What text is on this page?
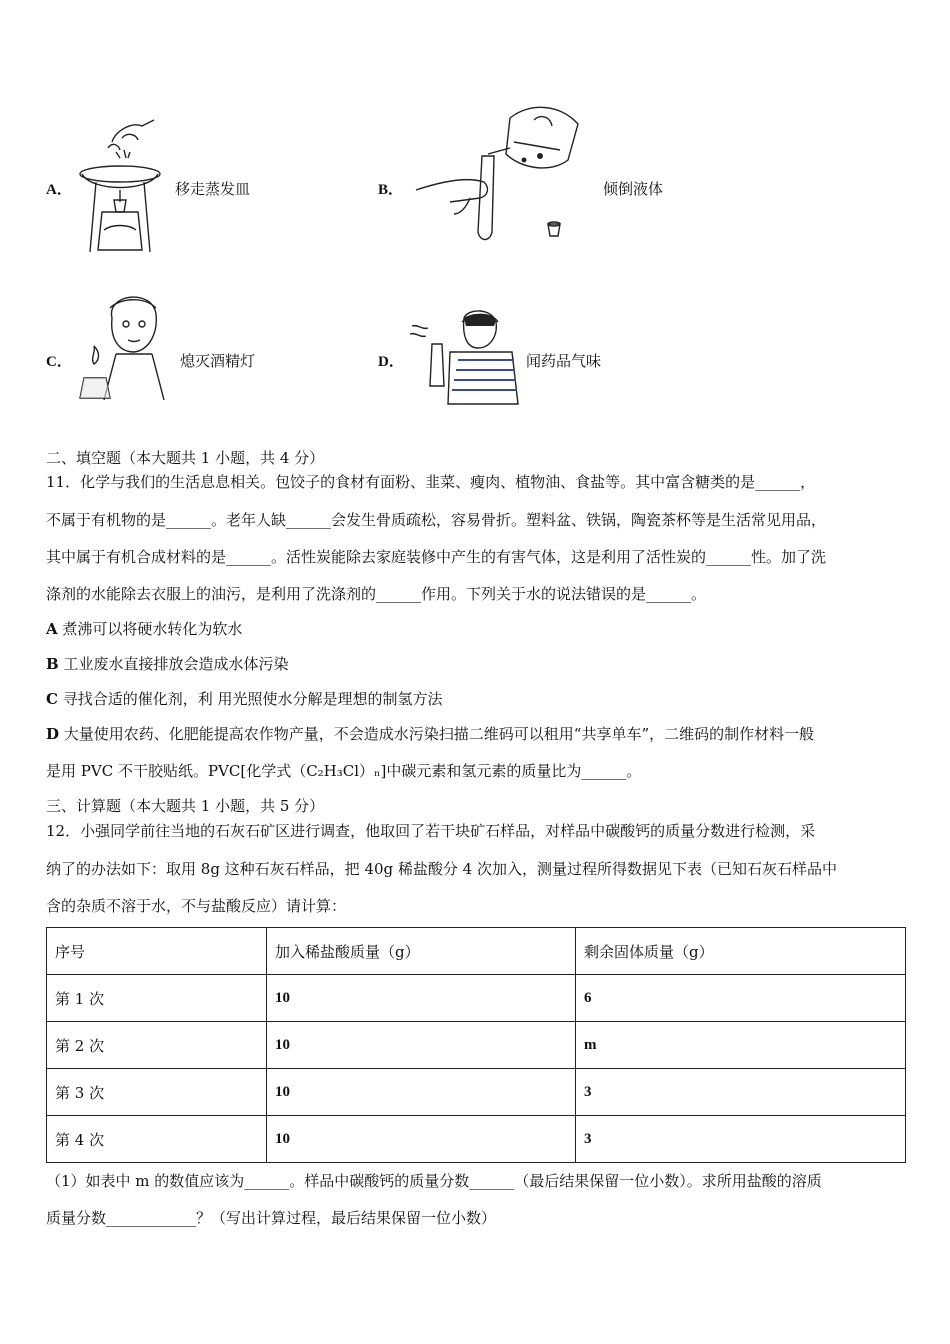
A．	移走蒸发皿	B．	倾倒液体
C．	熄灭酒精灯	D．	闻药品气味
二、填空题（本大题共 1 小题，共 4 分）
11．化学与我们的生活息息相关。包饺子的食材有面粉、韭菜、瘦肉、植物油、食盐等。其中富含糖类的是______，
不属于有机物的是______。老年人缺______会发生骨质疏松，容易骨折。塑料盆、铁锅，陶瓷茶杯等是生活常见用品，
其中属于有机合成材料的是______。活性炭能除去家庭装修中产生的有害气体，这是利用了活性炭的______性。加了洗
涤剂的水能除去衣服上的油污，是利用了洗涤剂的______作用。下列关于水的说法错误的是______。
A 煮沸可以将硬水转化为软水
B 工业废水直接排放会造成水体污染
C 寻找合适的催化剂，利 用光照使水分解是理想的制氢方法
D 大量使用农药、化肥能提高农作物产量，不会造成水污染扫描二维码可以租用“共享单车”，二维码的制作材料一般
是用 PVC 不干胶贴纸。PVC[化学式（C₂H₃Cl）ₙ]中碳元素和氢元素的质量比为______。
三、计算题（本大题共 1 小题，共 5 分）
12．小强同学前往当地的石灰石矿区进行调查，他取回了若干块矿石样品，对样品中碳酸钙的质量分数进行检测，采
纳了的办法如下：取用 8g 这种石灰石样品，把 40g 稀盐酸分 4 次加入，测量过程所得数据见下表（已知石灰石样品中
含的杂质不溶于水，不与盐酸反应）请计算：
序号	加入稀盐酸质量（g）	剩余固体质量（g）
第 1 次	10	6
第 2 次	10	m
第 3 次	10	3
第 4 次	10	3
（1）如表中 m 的数值应该为______。样品中碳酸钙的质量分数______（最后结果保留一位小数）。求所用盐酸的溶质
质量分数____________？（写出计算过程，最后结果保留一位小数）
